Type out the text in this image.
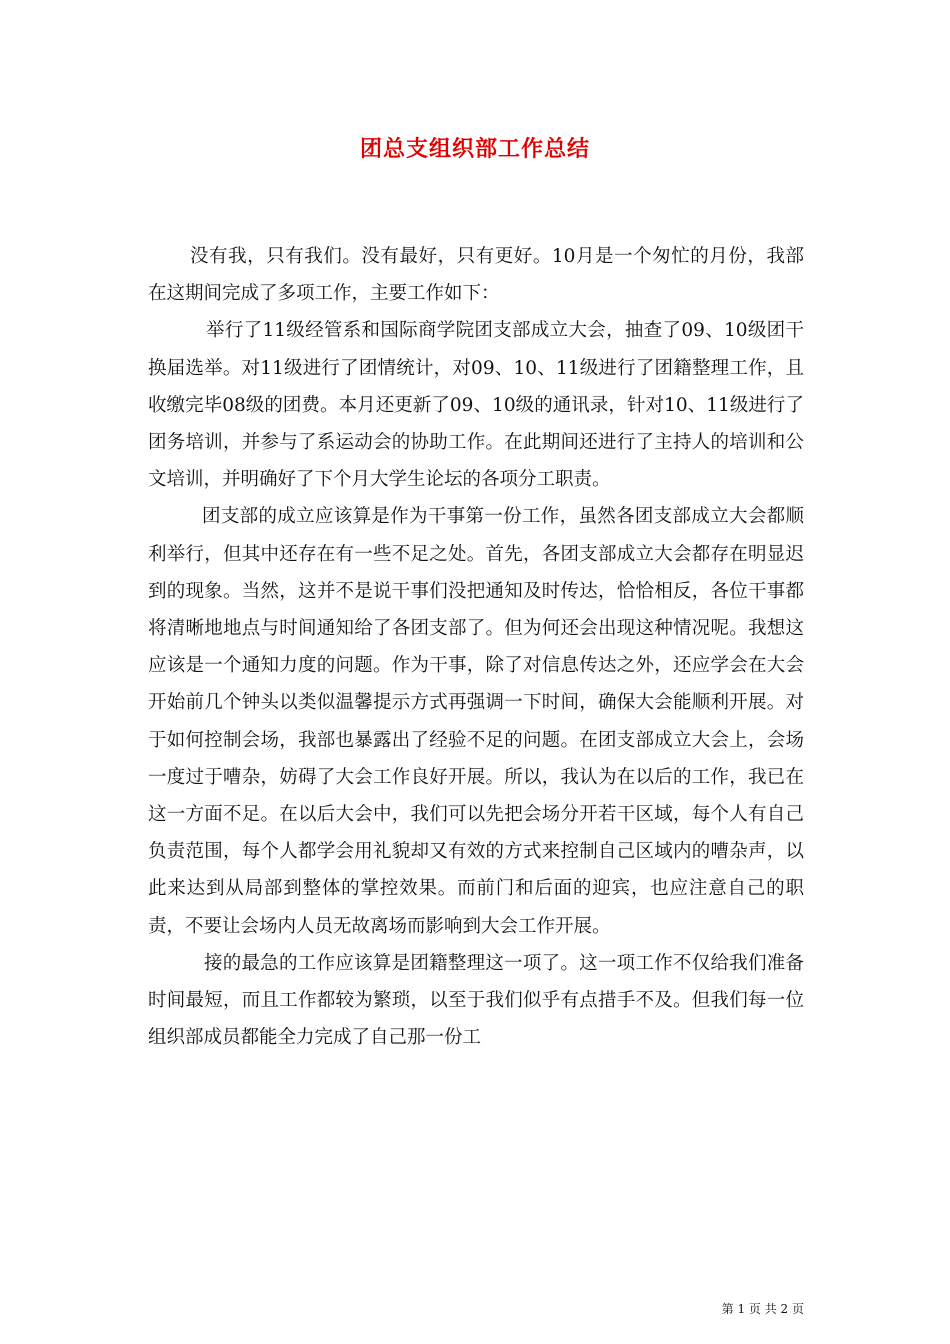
团总支组织部工作总结

没有我，只有我们。没有最好，只有更好。10月是一个匆忙的月份，我部在这期间完成了多项工作，主要工作如下：

举行了11级经管系和国际商学院团支部成立大会，抽查了09、10级团干换届选举。对11级进行了团情统计，对09、10、11级进行了团籍整理工作，且收缴完毕08级的团费。本月还更新了09、10级的通讯录，针对10、11级进行了团务培训，并参与了系运动会的协助工作。在此期间还进行了主持人的培训和公文培训，并明确好了下个月大学生论坛的各项分工职责。

团支部的成立应该算是作为干事第一份工作，虽然各团支部成立大会都顺利举行，但其中还存在有一些不足之处。首先，各团支部成立大会都存在明显迟到的现象。当然，这并不是说干事们没把通知及时传达，恰恰相反，各位干事都将清晰地地点与时间通知给了各团支部了。但为何还会出现这种情况呢。我想这应该是一个通知力度的问题。作为干事，除了对信息传达之外，还应学会在大会开始前几个钟头以类似温馨提示方式再强调一下时间，确保大会能顺利开展。对于如何控制会场，我部也暴露出了经验不足的问题。在团支部成立大会上，会场一度过于嘈杂，妨碍了大会工作良好开展。所以，我认为在以后的工作，我已在这一方面不足。在以后大会中，我们可以先把会场分开若干区域，每个人有自己负责范围，每个人都学会用礼貌却又有效的方式来控制自己区域内的嘈杂声，以此来达到从局部到整体的掌控效果。而前门和后面的迎宾，也应注意自己的职责，不要让会场内人员无故离场而影响到大会工作开展。

接的最急的工作应该算是团籍整理这一项了。这一项工作不仅给我们准备时间最短，而且工作都较为繁琐，以至于我们似乎有点措手不及。但我们每一位组织部成员都能全力完成了自己那一份工

第 1 页 共 2 页
